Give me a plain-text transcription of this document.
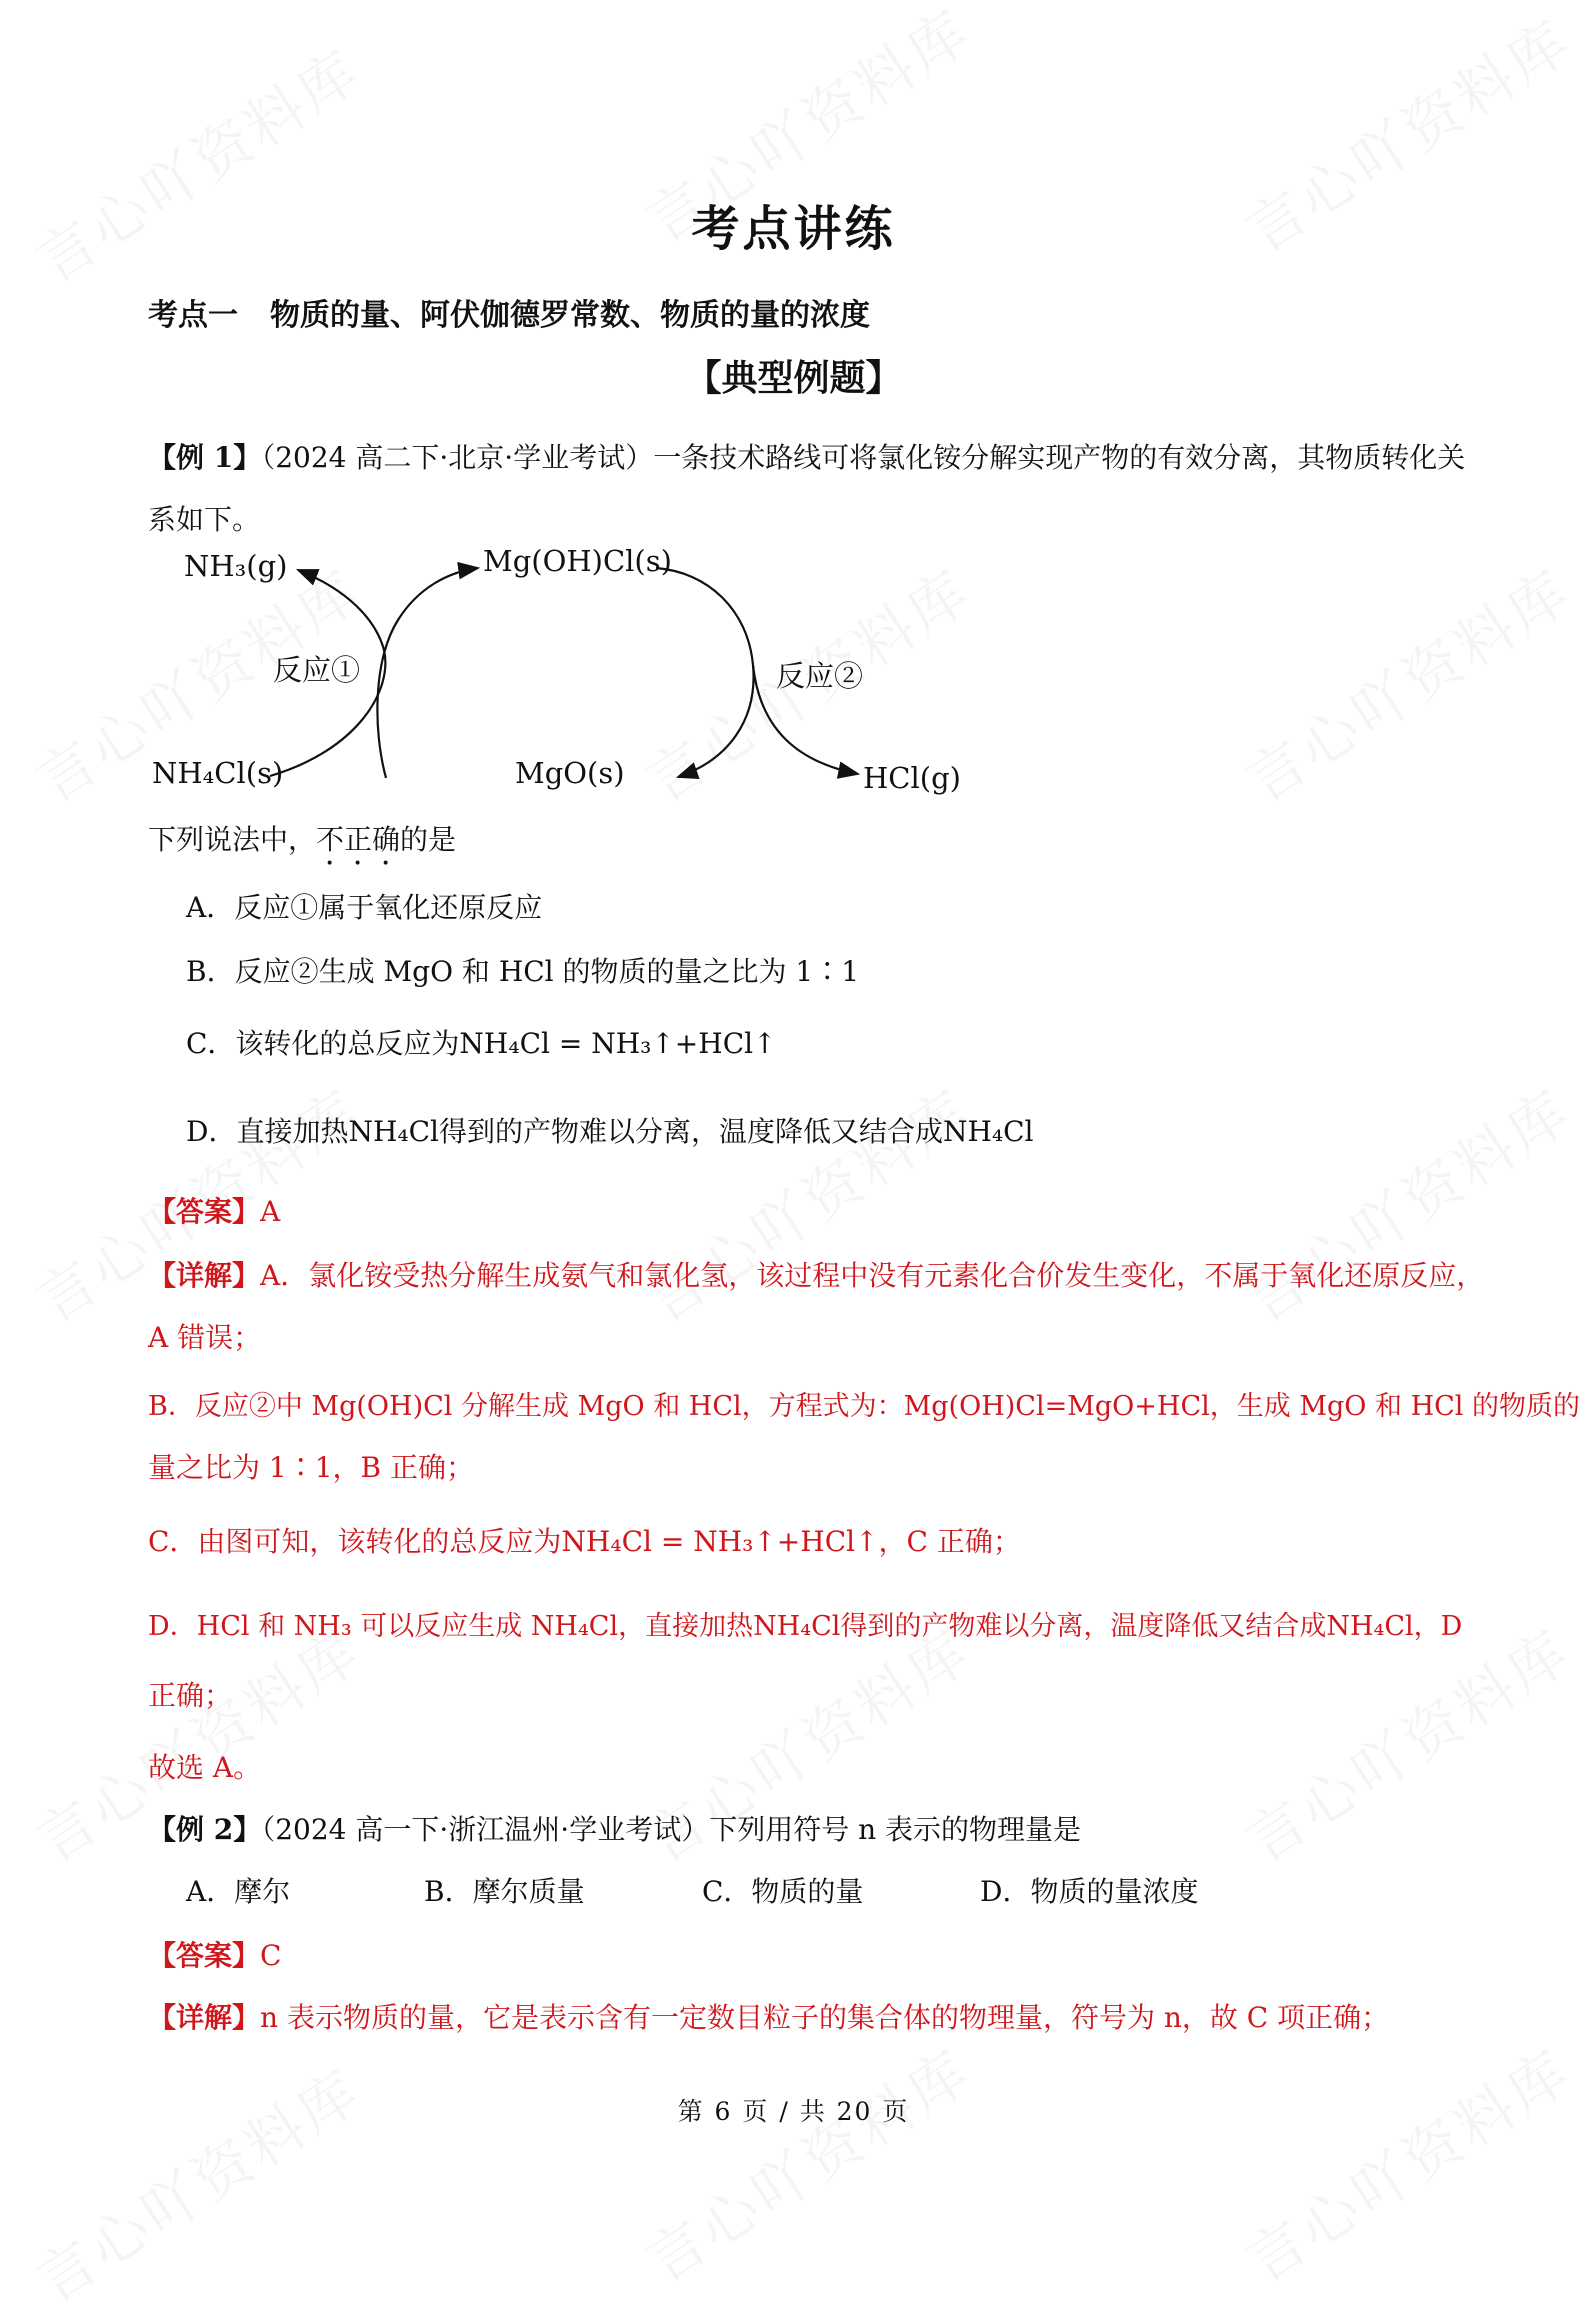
考点讲练
考点一 物质的量、阿伏伽德罗常数、物质的量的浓度
【典型例题】
【例 1】（2024 高二下·北京·学业考试）一条技术路线可将氯化铵分解实现产物的有效分离，其物质转化关
系如下。
NH₃(g)	Mg(OH)Cl(s)
反应①	反应②
NH₄Cl(s)	MgO(s)	HCl(g)
下列说法中，不正确的是
A．反应①属于氧化还原反应
B．反应②生成 MgO 和 HCl 的物质的量之比为 1∶1
C．该转化的总反应为NH₄Cl = NH₃↑+HCl↑
D．直接加热NH₄Cl得到的产物难以分离，温度降低又结合成NH₄Cl
【答案】A
【详解】A．氯化铵受热分解生成氨气和氯化氢，该过程中没有元素化合价发生变化，不属于氧化还原反应，
A 错误；
B．反应②中 Mg(OH)Cl 分解生成 MgO 和 HCl，方程式为：Mg(OH)Cl=MgO+HCl，生成 MgO 和 HCl 的物质的
量之比为 1∶1，B 正确；
C．由图可知，该转化的总反应为NH₄Cl = NH₃↑+HCl↑，C 正确；
D．HCl 和 NH₃ 可以反应生成 NH₄Cl，直接加热NH₄Cl得到的产物难以分离，温度降低又结合成NH₄Cl，D
正确；
故选 A。
【例 2】（2024 高一下·浙江温州·学业考试）下列用符号 n 表示的物理量是
A．摩尔	B．摩尔质量	C．物质的量	D．物质的量浓度
【答案】C
【详解】n 表示物质的量，它是表示含有一定数目粒子的集合体的物理量，符号为 n，故 C 项正确；
第 6 页 / 共 20 页
